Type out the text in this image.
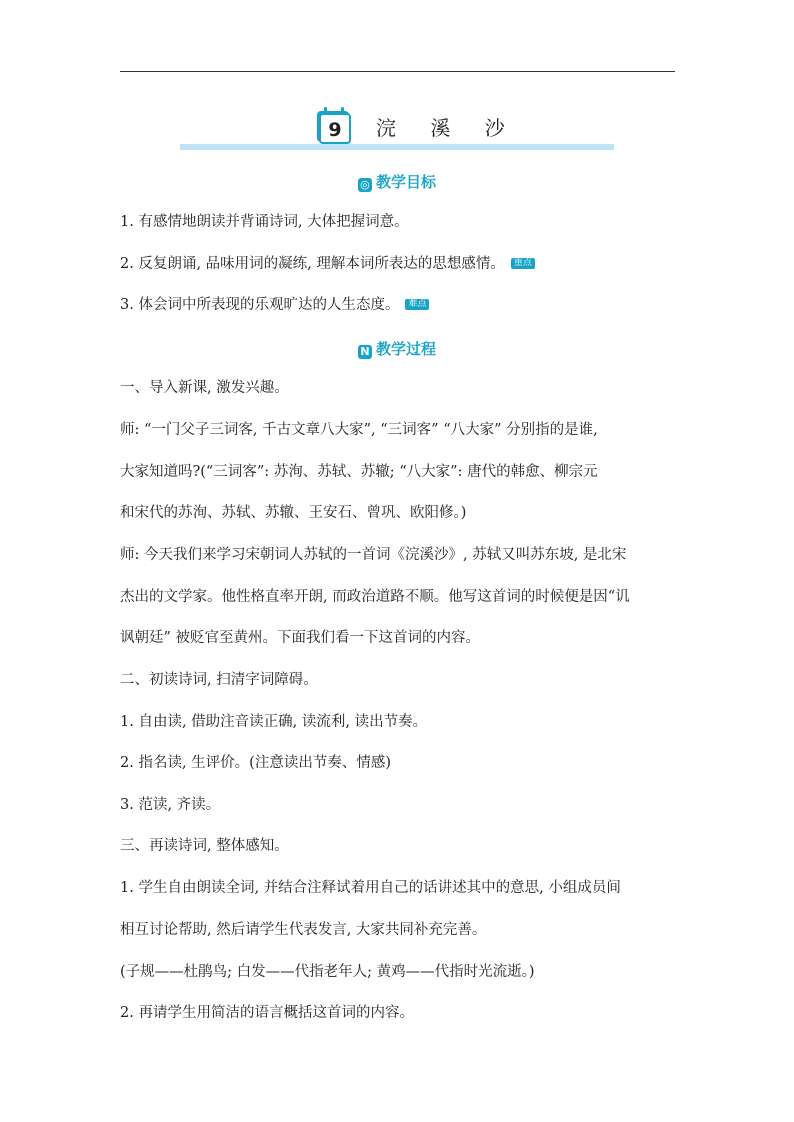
9 浣 溪 沙
◎ 教学目标
1. 有感情地朗读并背诵诗词, 大体把握词意。
2. 反复朗诵, 品味用词的凝练, 理解本词所表达的思想感情。 重点
3. 体会词中所表现的乐观旷达的人生态度。 难点
N 教学过程
一、导入新课, 激发兴趣。
师: “一门父子三词客, 千古文章八大家”, “三词客” “八大家” 分别指的是谁,
大家知道吗?(“三词客”: 苏洵、苏轼、苏辙; “八大家”: 唐代的韩愈、柳宗元
和宋代的苏洵、苏轼、苏辙、王安石、曾巩、欧阳修。)
师: 今天我们来学习宋朝词人苏轼的一首词《浣溪沙》, 苏轼又叫苏东坡, 是北宋
杰出的文学家。他性格直率开朗, 而政治道路不顺。他写这首词的时候便是因“讥
讽朝廷” 被贬官至黄州。下面我们看一下这首词的内容。
二、初读诗词, 扫清字词障碍。
1. 自由读, 借助注音读正确, 读流利, 读出节奏。
2. 指名读, 生评价。(注意读出节奏、情感)
3. 范读, 齐读。
三、再读诗词, 整体感知。
1. 学生自由朗读全词, 并结合注释试着用自己的话讲述其中的意思, 小组成员间
相互讨论帮助, 然后请学生代表发言, 大家共同补充完善。
(子规——杜鹃鸟; 白发——代指老年人; 黄鸡——代指时光流逝。)
2. 再请学生用简洁的语言概括这首词的内容。
